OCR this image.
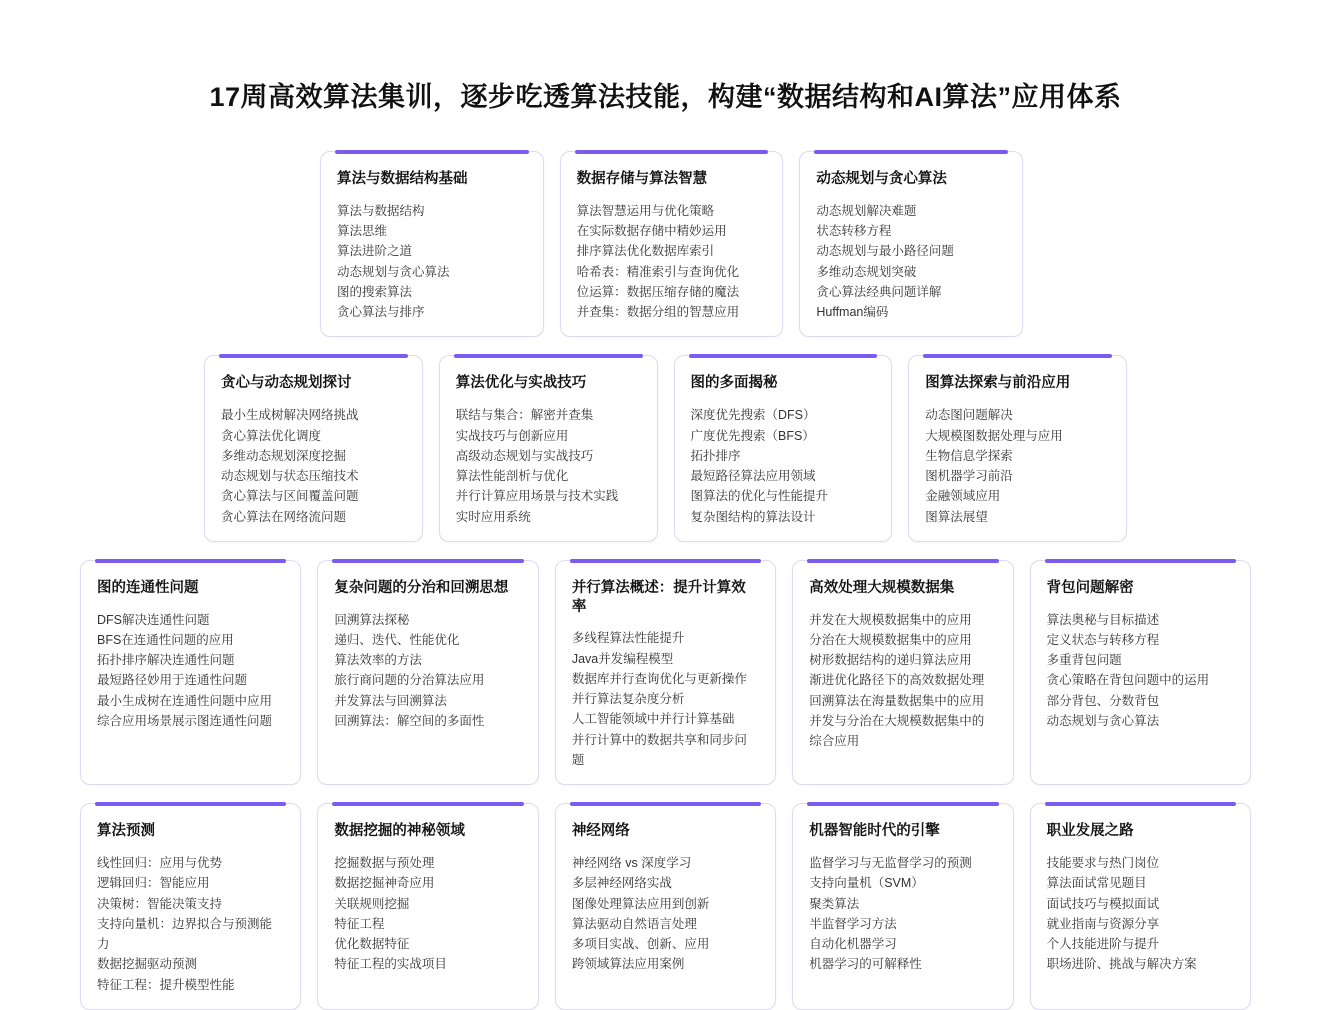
17周高效算法集训，逐步吃透算法技能，构建“数据结构和AI算法”应用体系
算法与数据结构基础
算法与数据结构
算法思维
算法进阶之道
动态规划与贪心算法
图的搜索算法
贪心算法与排序
数据存储与算法智慧
算法智慧运用与优化策略
在实际数据存储中精妙运用
排序算法优化数据库索引
哈希表：精准索引与查询优化
位运算：数据压缩存储的魔法
并查集：数据分组的智慧应用
动态规划与贪心算法
动态规划解决难题
状态转移方程
动态规划与最小路径问题
多维动态规划突破
贪心算法经典问题详解
Huffman编码
贪心与动态规划探讨
最小生成树解决网络挑战
贪心算法优化调度
多维动态规划深度挖掘
动态规划与状态压缩技术
贪心算法与区间覆盖问题
贪心算法在网络流问题
算法优化与实战技巧
联结与集合：解密并查集
实战技巧与创新应用
高级动态规划与实战技巧
算法性能剖析与优化
并行计算应用场景与技术实践
实时应用系统
图的多面揭秘
深度优先搜索（DFS）
广度优先搜索（BFS）
拓扑排序
最短路径算法应用领域
图算法的优化与性能提升
复杂图结构的算法设计
图算法探索与前沿应用
动态图问题解决
大规模图数据处理与应用
生物信息学探索
图机器学习前沿
金融领域应用
图算法展望
图的连通性问题
DFS解决连通性问题
BFS在连通性问题的应用
拓扑排序解决连通性问题
最短路径妙用于连通性问题
最小生成树在连通性问题中应用
综合应用场景展示图连通性问题
复杂问题的分治和回溯思想
回溯算法探秘
递归、迭代、性能优化
算法效率的方法
旅行商问题的分治算法应用
并发算法与回溯算法
回溯算法：解空间的多面性
并行算法概述：提升计算效率
多线程算法性能提升
Java并发编程模型
数据库并行查询优化与更新操作
并行算法复杂度分析
人工智能领域中并行计算基础
并行计算中的数据共享和同步问题
高效处理大规模数据集
并发在大规模数据集中的应用
分治在大规模数据集中的应用
树形数据结构的递归算法应用
渐进优化路径下的高效数据处理
回溯算法在海量数据集中的应用
并发与分治在大规模数据集中的综合应用
背包问题解密
算法奥秘与目标描述
定义状态与转移方程
多重背包问题
贪心策略在背包问题中的运用
部分背包、分数背包
动态规划与贪心算法
算法预测
线性回归：应用与优势
逻辑回归：智能应用
决策树：智能决策支持
支持向量机：边界拟合与预测能力
数据挖掘驱动预测
特征工程：提升模型性能
数据挖掘的神秘领域
挖掘数据与预处理
数据挖掘神奇应用
关联规则挖掘
特征工程
优化数据特征
特征工程的实战项目
神经网络
神经网络 vs 深度学习
多层神经网络实战
图像处理算法应用到创新
算法驱动自然语言处理
多项目实战、创新、应用
跨领域算法应用案例
机器智能时代的引擎
监督学习与无监督学习的预测
支持向量机（SVM）
聚类算法
半监督学习方法
自动化机器学习
机器学习的可解释性
职业发展之路
技能要求与热门岗位
算法面试常见题目
面试技巧与模拟面试
就业指南与资源分享
个人技能进阶与提升
职场进阶、挑战与解决方案
